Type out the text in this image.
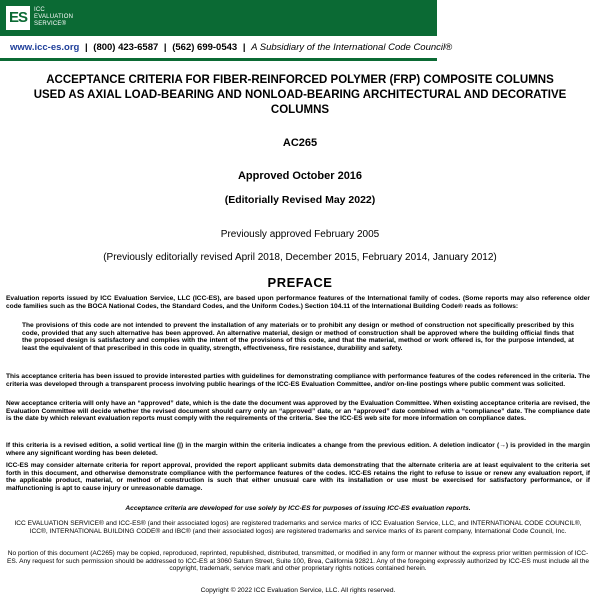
ES	ICC
EVALUATION
SERVICE®
www.icc-es.org | (800) 423-6587 | (562) 699-0543 | A Subsidiary of the International Code Council®
ACCEPTANCE CRITERIA FOR FIBER-REINFORCED POLYMER (FRP) COMPOSITE COLUMNS USED AS AXIAL LOAD-BEARING AND NONLOAD-BEARING ARCHITECTURAL AND DECORATIVE COLUMNS
AC265
Approved October 2016
(Editorially Revised May 2022)
Previously approved February 2005
(Previously editorially revised April 2018, December 2015, February 2014, January 2012)
PREFACE
Evaluation reports issued by ICC Evaluation Service, LLC (ICC-ES), are based upon performance features of the International family of codes. (Some reports may also reference older code families such as the BOCA National Codes, the Standard Codes, and the Uniform Codes.) Section 104.11 of the International Building Code® reads as follows:
The provisions of this code are not intended to prevent the installation of any materials or to prohibit any design or method of construction not specifically prescribed by this code, provided that any such alternative has been approved. An alternative material, design or method of construction shall be approved where the building official finds that the proposed design is satisfactory and complies with the intent of the provisions of this code, and that the material, method or work offered is, for the purpose intended, at least the equivalent of that prescribed in this code in quality, strength, effectiveness, fire resistance, durability and safety.
This acceptance criteria has been issued to provide interested parties with guidelines for demonstrating compliance with performance features of the codes referenced in the criteria. The criteria was developed through a transparent process involving public hearings of the ICC-ES Evaluation Committee, and/or on-line postings where public comment was solicited.
New acceptance criteria will only have an “approved” date, which is the date the document was approved by the Evaluation Committee. When existing acceptance criteria are revised, the Evaluation Committee will decide whether the revised document should carry only an “approved” date, or an “approved” date combined with a “compliance” date. The compliance date is the date by which relevant evaluation reports must comply with the requirements of the criteria. See the ICC-ES web site for more information on compliance dates.
If this criteria is a revised edition, a solid vertical line (|) in the margin within the criteria indicates a change from the previous edition. A deletion indicator (→) is provided in the margin where any significant wording has been deleted.
ICC-ES may consider alternate criteria for report approval, provided the report applicant submits data demonstrating that the alternate criteria are at least equivalent to the criteria set forth in this document, and otherwise demonstrate compliance with the performance features of the codes. ICC-ES retains the right to refuse to issue or renew any evaluation report, if the applicable product, material, or method of construction is such that either unusual care with its installation or use must be exercised for satisfactory performance, or if malfunctioning is apt to cause injury or unreasonable damage.
Acceptance criteria are developed for use solely by ICC-ES for purposes of issuing ICC-ES evaluation reports.
ICC EVALUATION SERVICE® and ICC-ES® (and their associated logos) are registered trademarks and service marks of ICC Evaluation Service, LLC, and INTERNATIONAL CODE COUNCIL®, ICC®, INTERNATIONAL BUILDING CODE® and IBC® (and their associated logos) are registered trademarks and service marks of its parent company, International Code Council, Inc.
No portion of this document (AC265) may be copied, reproduced, reprinted, republished, distributed, transmitted, or modified in any form or manner without the express prior written permission of ICC-ES. Any request for such permission should be addressed to ICC-ES at 3060 Saturn Street, Suite 100, Brea, California 92821. Any of the foregoing expressly authorized by ICC-ES must include all the copyright, trademark, service mark and other proprietary rights notices contained herein.
Copyright © 2022 ICC Evaluation Service, LLC. All rights reserved.
